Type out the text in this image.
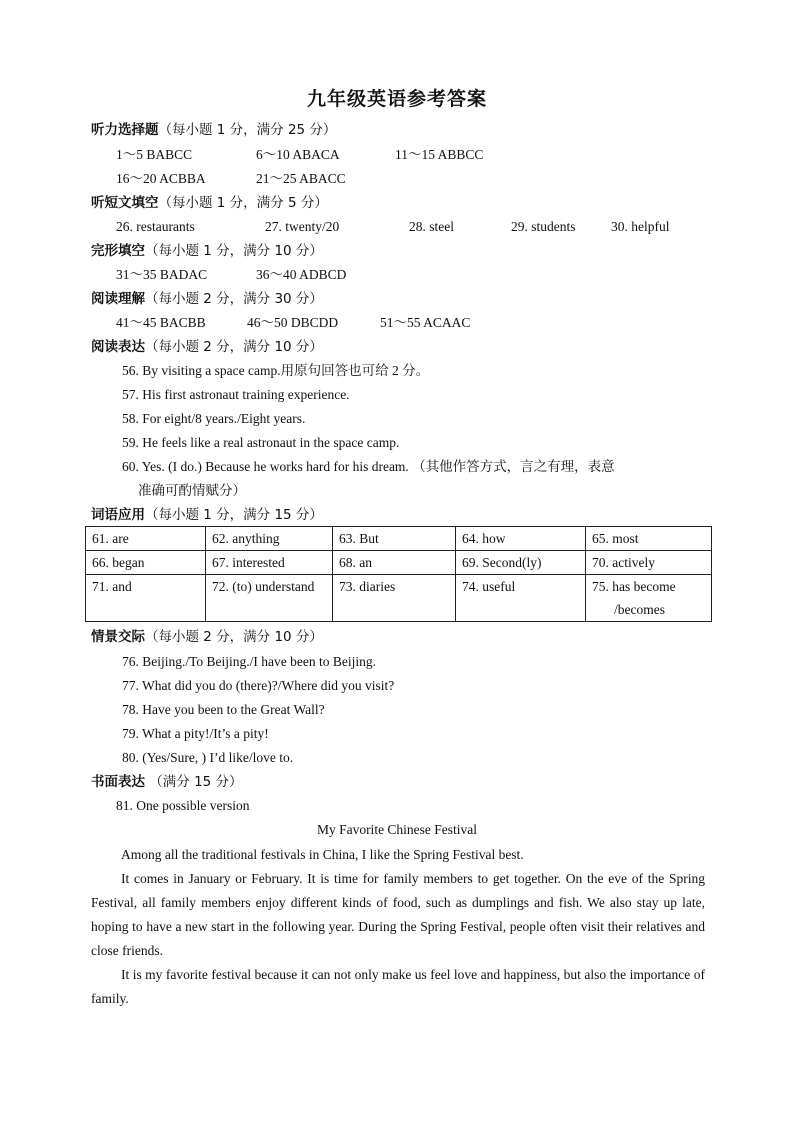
九年级英语参考答案
听力选择题（每小题 1 分，满分 25 分）
1～5 BABCC	6～10 ABACA	11～15 ABBCC
16～20 ACBBA	21～25 ABACC
听短文填空（每小题 1 分，满分 5 分）
26. restaurants	27. twenty/20	28. steel	29. students	30. helpful
完形填空（每小题 1 分，满分 10 分）
31～35 BADAC	36～40 ADBCD
阅读理解（每小题 2 分，满分 30 分）
41～45 BACBB	46～50 DBCDD	51～55 ACAAC
阅读表达（每小题 2 分，满分 10 分）
56. By visiting a space camp.用原句回答也可给 2 分。
57. His first astronaut training experience.
58. For eight/8 years./Eight years.
59. He feels like a real astronaut in the space camp.
60. Yes. (I do.) Because he works hard for his dream. （其他作答方式，言之有理，表意
准确可酌情赋分）
词语应用（每小题 1 分，满分 15 分）
61. are	62. anything	63. But	64. how	65. most
66. began	67. interested	68. an	69. Second(ly)	70. actively
71. and	72. (to) understand	73. diaries	74. useful	75. has become
/becomes
情景交际（每小题 2 分，满分 10 分）
76. Beijing./To Beijing./I have been to Beijing.
77. What did you do (there)?/Where did you visit?
78. Have you been to the Great Wall?
79. What a pity!/It’s a pity!
80. (Yes/Sure, ) I’d like/love to.
书面表达 （满分 15 分）
81. One possible version
My Favorite Chinese Festival

Among all the traditional festivals in China, I like the Spring Festival best.

It comes in January or February. It is time for family members to get together. On the eve of the Spring Festival, all family members enjoy different kinds of food, such as dumplings and fish. We also stay up late, hoping to have a new start in the following year. During the Spring Festival, people often visit their relatives and close friends.

It is my favorite festival because it can not only make us feel love and happiness, but also the importance of family.
